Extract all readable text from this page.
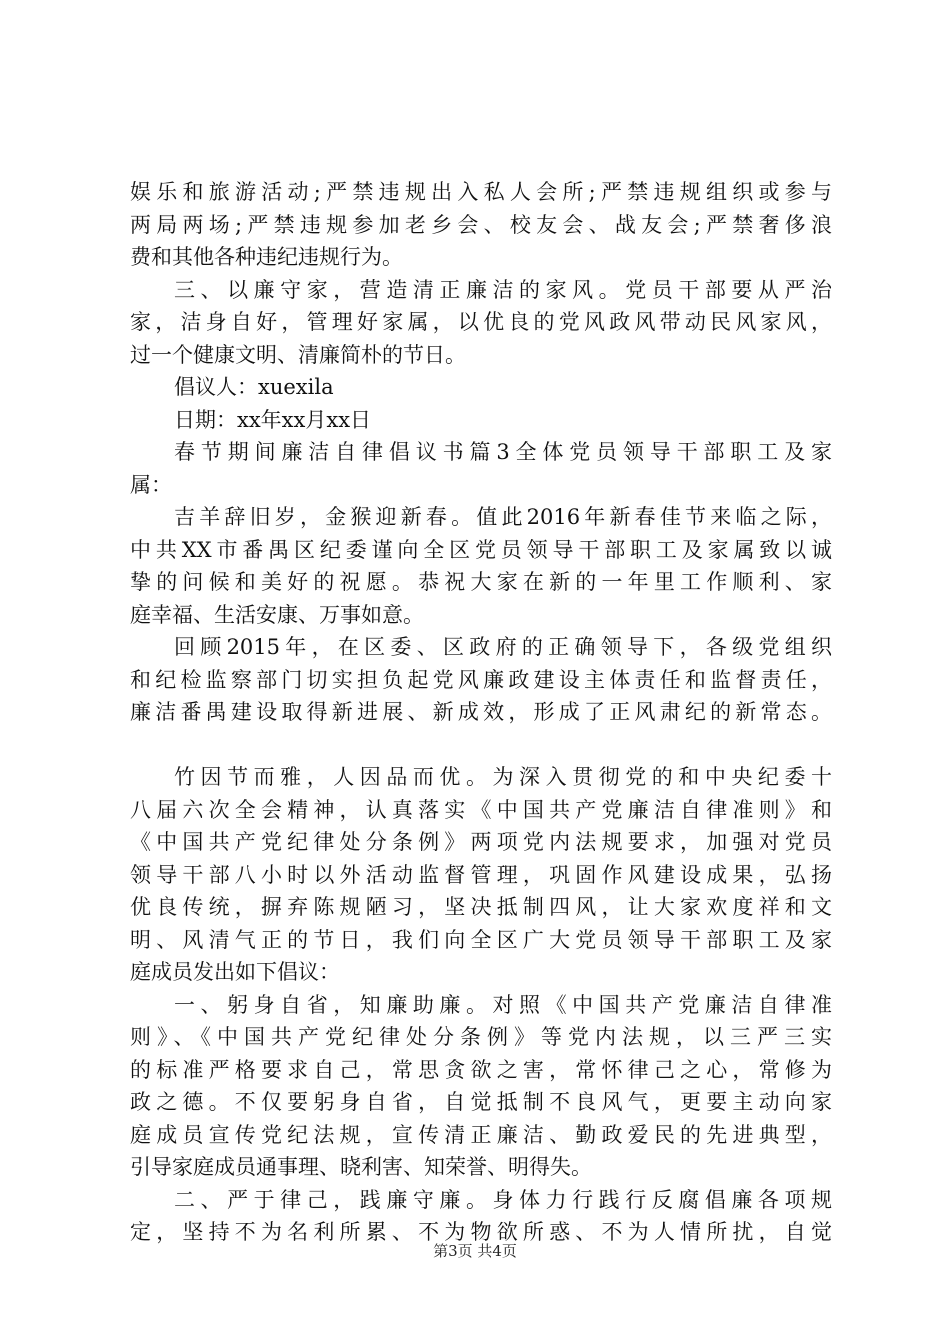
娱乐和旅游活动;严禁违规出入私人会所;严禁违规组织或参与
两局两场;严禁违规参加老乡会、校友会、战友会;严禁奢侈浪
费和其他各种违纪违规行为。
三、以廉守家，营造清正廉洁的家风。党员干部要从严治
家，洁身自好，管理好家属，以优良的党风政风带动民风家风，
过一个健康文明、清廉简朴的节日。
倡议人：xuexila
日期：xx年xx月xx日
春节期间廉洁自律倡议书篇3全体党员领导干部职工及家
属：
吉羊辞旧岁，金猴迎新春。值此2016年新春佳节来临之际，
中共XX市番禺区纪委谨向全区党员领导干部职工及家属致以诚
挚的问候和美好的祝愿。恭祝大家在新的一年里工作顺利、家
庭幸福、生活安康、万事如意。
回顾2015年，在区委、区政府的正确领导下，各级党组织
和纪检监察部门切实担负起党风廉政建设主体责任和监督责任，
廉洁番禺建设取得新进展、新成效，形成了正风肃纪的新常态。
竹因节而雅，人因品而优。为深入贯彻党的和中央纪委十
八届六次全会精神，认真落实《中国共产党廉洁自律准则》和
《中国共产党纪律处分条例》两项党内法规要求，加强对党员
领导干部八小时以外活动监督管理，巩固作风建设成果，弘扬
优良传统，摒弃陈规陋习，坚决抵制四风，让大家欢度祥和文
明、风清气正的节日，我们向全区广大党员领导干部职工及家
庭成员发出如下倡议：
一、躬身自省，知廉助廉。对照《中国共产党廉洁自律准
则》、《中国共产党纪律处分条例》等党内法规，以三严三实
的标准严格要求自己，常思贪欲之害，常怀律己之心，常修为
政之德。不仅要躬身自省，自觉抵制不良风气，更要主动向家
庭成员宣传党纪法规，宣传清正廉洁、勤政爱民的先进典型，
引导家庭成员通事理、晓利害、知荣誉、明得失。
二、严于律己，践廉守廉。身体力行践行反腐倡廉各项规
定，坚持不为名利所累、不为物欲所惑、不为人情所扰，自觉
第3页 共4页
